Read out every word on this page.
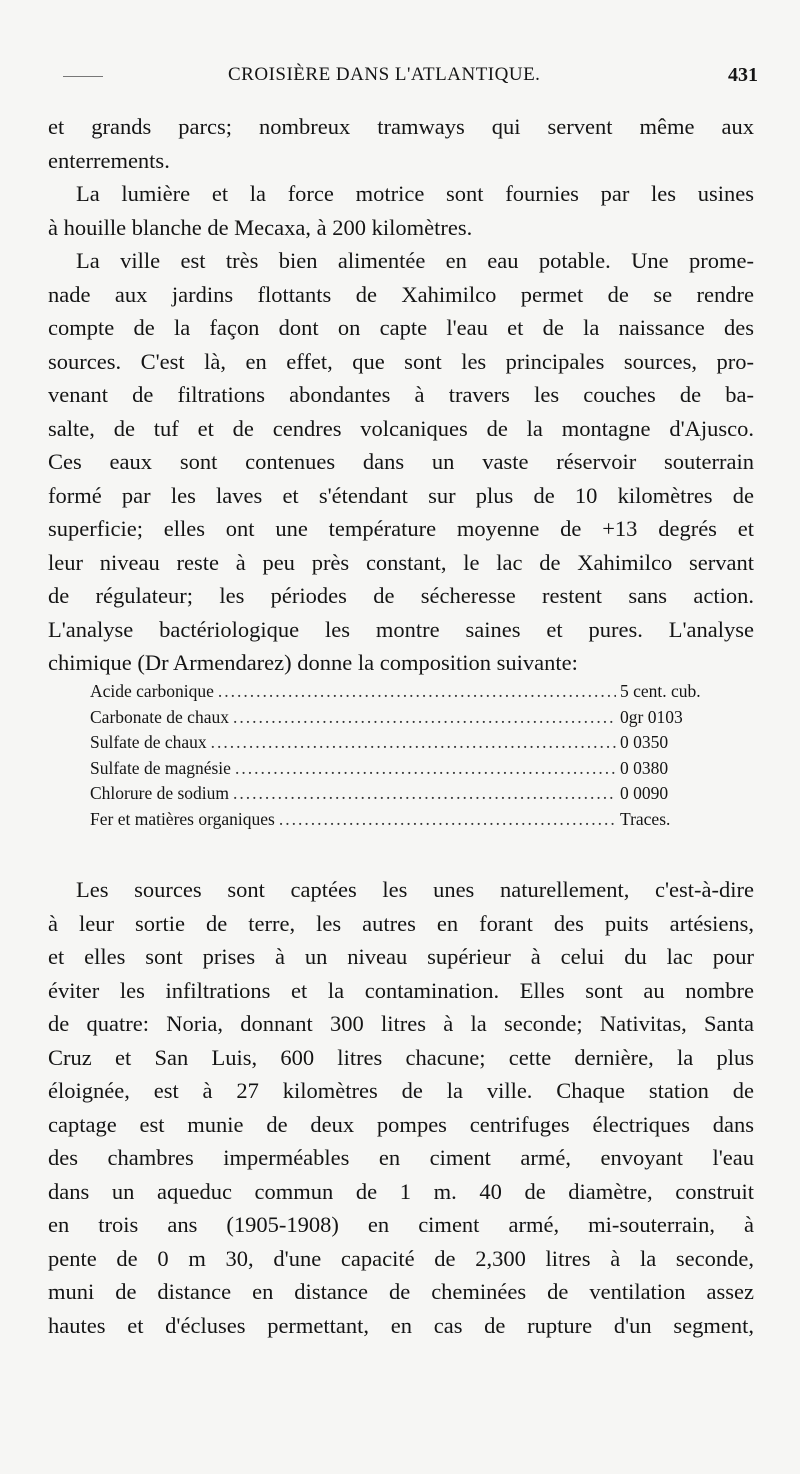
CROISIÈRE DANS L'ATLANTIQUE.	431
et grands parcs; nombreux tramways qui servent même aux
enterrements.
La lumière et la force motrice sont fournies par les usines
à houille blanche de Mecaxa, à 200 kilomètres.
La ville est très bien alimentée en eau potable. Une prome-
nade aux jardins flottants de Xahimilco permet de se rendre
compte de la façon dont on capte l'eau et de la naissance des
sources. C'est là, en effet, que sont les principales sources, pro-
venant de filtrations abondantes à travers les couches de ba-
salte, de tuf et de cendres volcaniques de la montagne d'Ajusco.
Ces eaux sont contenues dans un vaste réservoir souterrain
formé par les laves et s'étendant sur plus de 10 kilomètres de
superficie; elles ont une température moyenne de +13 degrés et
leur niveau reste à peu près constant, le lac de Xahimilco servant
de régulateur; les périodes de sécheresse restent sans action.
L'analyse bactériologique les montre saines et pures. L'analyse
chimique (Dr Armendarez) donne la composition suivante:
Acide carbonique .....	5 cent. cub.
Carbonate de chaux .....	0gr 0103
Sulfate de chaux .....	0 0350
Sulfate de magnésie .....	0 0380
Chlorure de sodium .....	0 0090
Fer et matières organiques .....	Traces.
Les sources sont captées les unes naturellement, c'est-à-dire
à leur sortie de terre, les autres en forant des puits artésiens,
et elles sont prises à un niveau supérieur à celui du lac pour
éviter les infiltrations et la contamination. Elles sont au nombre
de quatre: Noria, donnant 300 litres à la seconde; Nativitas, Santa
Cruz et San Luis, 600 litres chacune; cette dernière, la plus
éloignée, est à 27 kilomètres de la ville. Chaque station de
captage est munie de deux pompes centrifuges électriques dans
des chambres imperméables en ciment armé, envoyant l'eau
dans un aqueduc commun de 1 m. 40 de diamètre, construit
en trois ans (1905-1908) en ciment armé, mi-souterrain, à
pente de 0 m 30, d'une capacité de 2,300 litres à la seconde,
muni de distance en distance de cheminées de ventilation assez
hautes et d'écluses permettant, en cas de rupture d'un segment,
